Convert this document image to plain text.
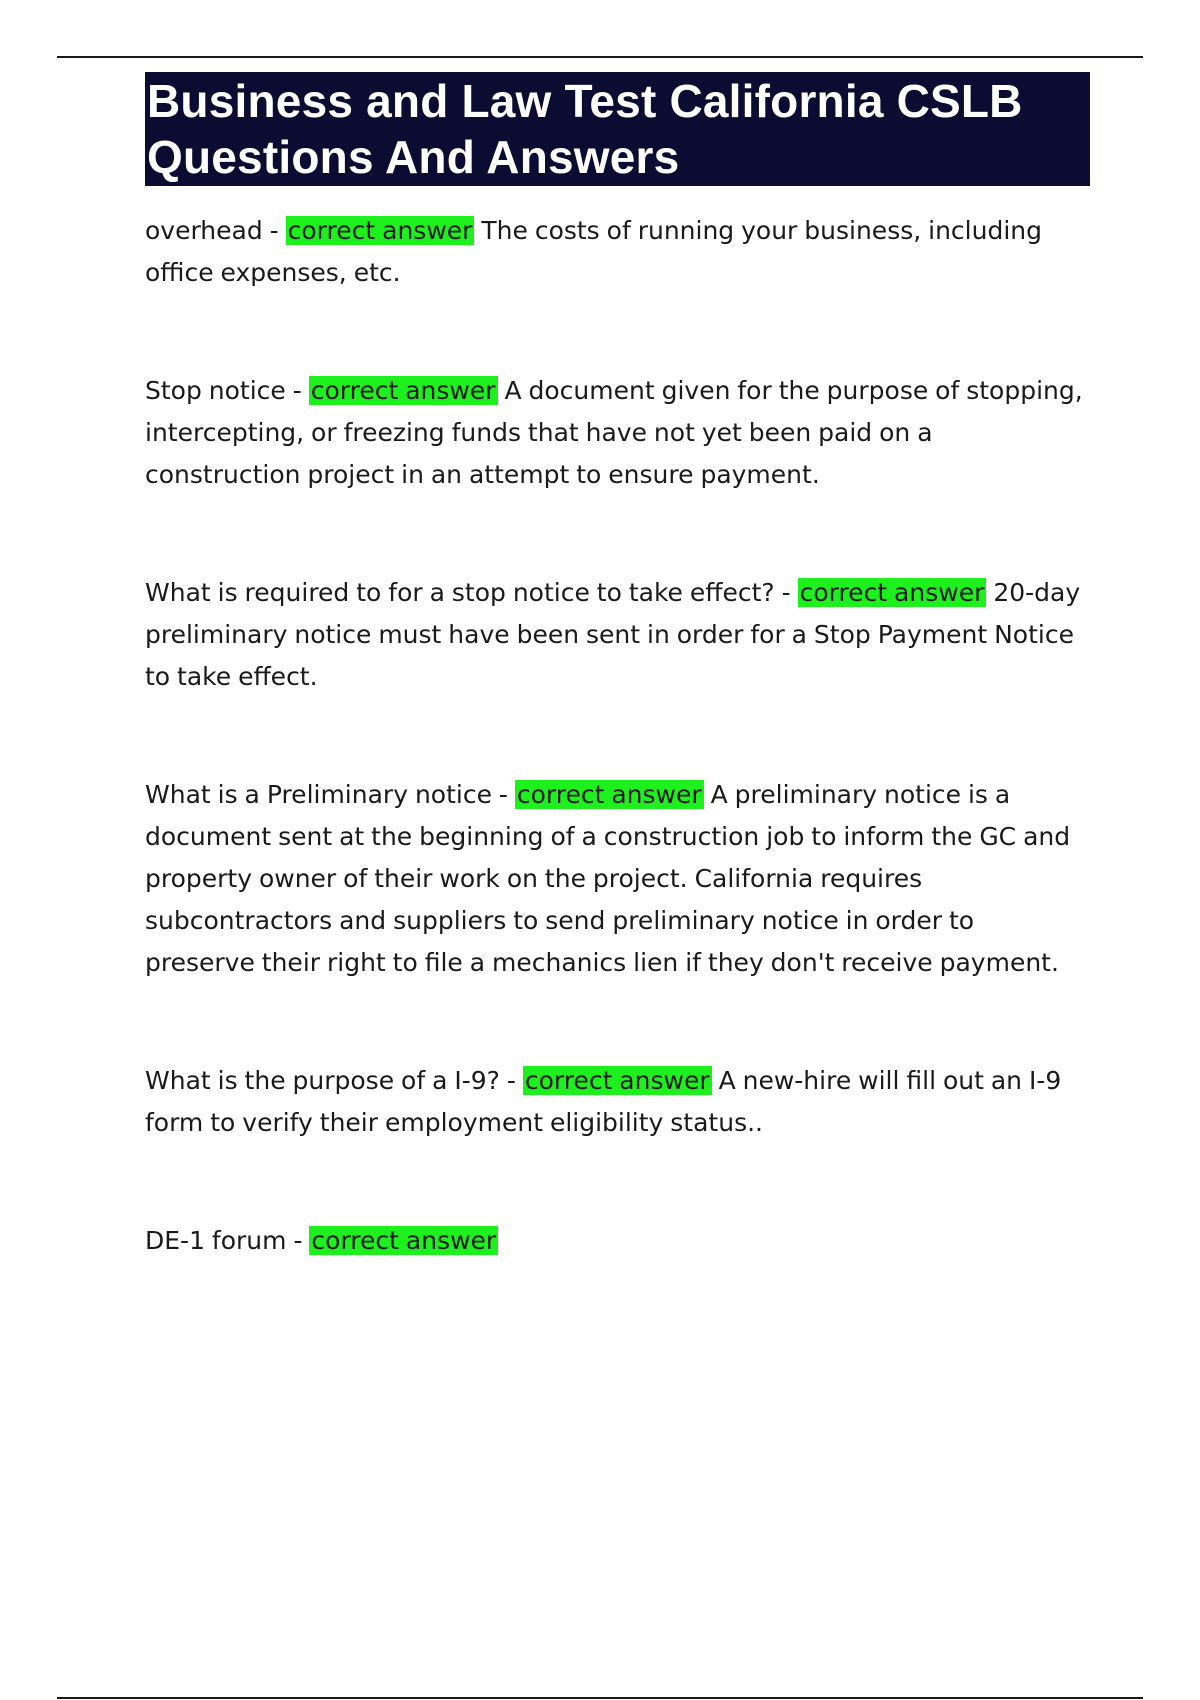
Business and Law Test California CSLB Questions And Answers

overhead - correct answer The costs of running your business, including office expenses, etc.

Stop notice - correct answer A document given for the purpose of stopping, intercepting, or freezing funds that have not yet been paid on a construction project in an attempt to ensure payment.

What is required to for a stop notice to take effect? - correct answer 20-day preliminary notice must have been sent in order for a Stop Payment Notice to take effect.

What is a Preliminary notice - correct answer A preliminary notice is a document sent at the beginning of a construction job to inform the GC and property owner of their work on the project. California requires subcontractors and suppliers to send preliminary notice in order to preserve their right to file a mechanics lien if they don't receive payment.

What is the purpose of a I-9? - correct answer A new-hire will fill out an I-9 form to verify their employment eligibility status..

DE-1 forum - correct answer
